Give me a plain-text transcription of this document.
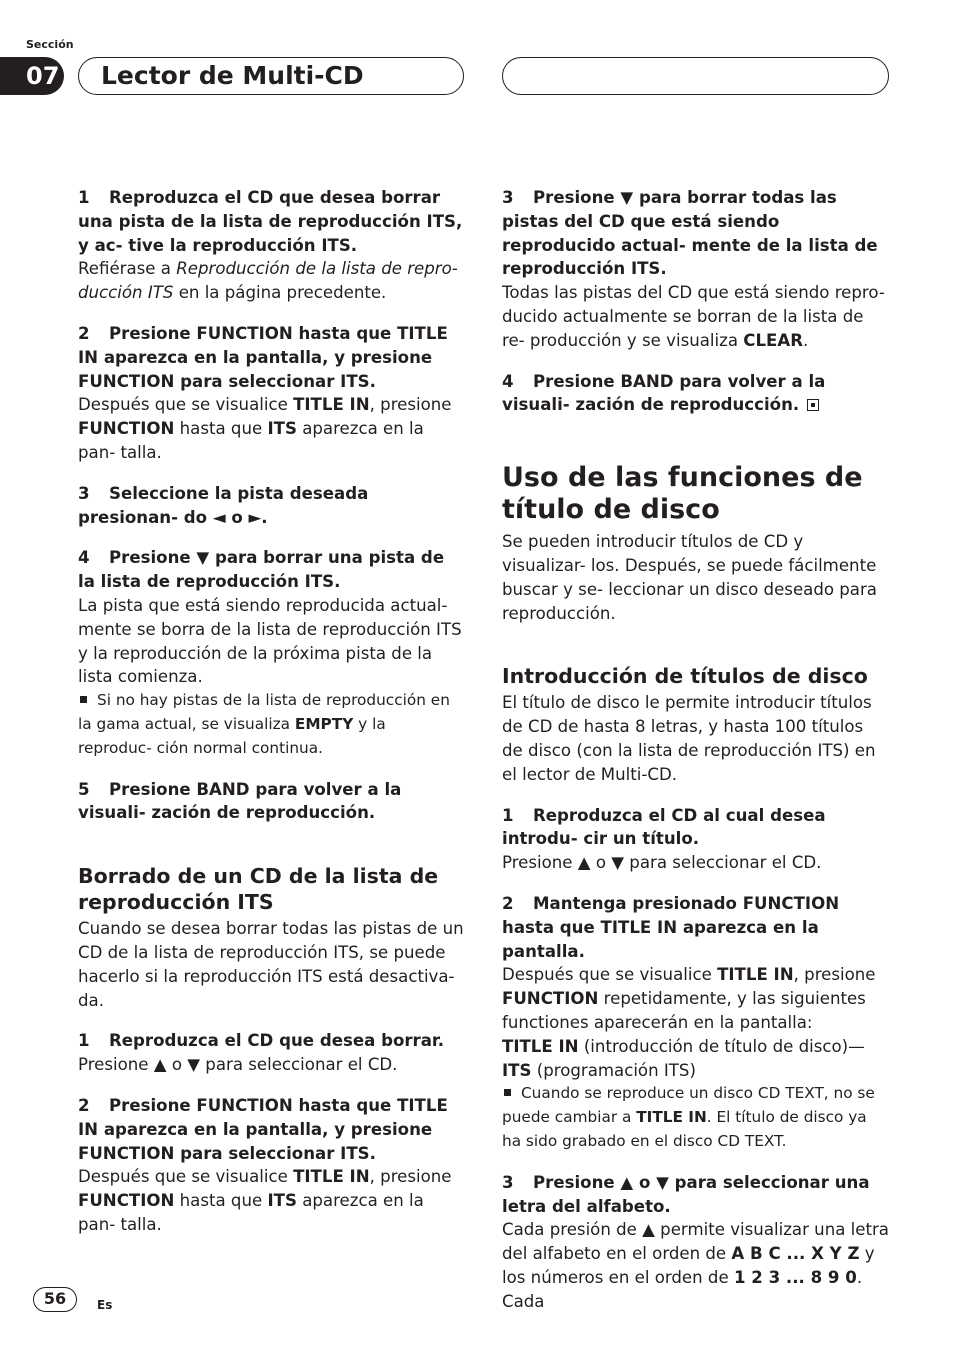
Sección
07 Lector de Multi-CD

1 Reproduzca el CD que desea borrar una pista de la lista de reproducción ITS, y ac- tive la reproducción ITS.

Refiérase a Reproducción de la lista de repro- ducción ITS en la página precedente.

2 Presione FUNCTION hasta que TITLE IN aparezca en la pantalla, y presione FUNCTION para seleccionar ITS.

Después que se visualice TITLE IN, presione FUNCTION hasta que ITS aparezca en la pan- talla.

3 Seleccione la pista deseada presionan- do ◄ o ►.

4 Presione ▼ para borrar una pista de la lista de reproducción ITS.

La pista que está siendo reproducida actual- mente se borra de la lista de reproducción ITS y la reproducción de la próxima pista de la lista comienza.

Si no hay pistas de la lista de reproducción en la gama actual, se visualiza EMPTY y la reproduc- ción normal continua.

5 Presione BAND para volver a la visuali- zación de reproducción.

Borrado de un CD de la lista de reproducción ITS

Cuando se desea borrar todas las pistas de un CD de la lista de reproducción ITS, se puede hacerlo si la reproducción ITS está desactiva- da.

1 Reproduzca el CD que desea borrar.

Presione ▲ o ▼ para seleccionar el CD.

2 Presione FUNCTION hasta que TITLE IN aparezca en la pantalla, y presione FUNCTION para seleccionar ITS.

Después que se visualice TITLE IN, presione FUNCTION hasta que ITS aparezca en la pan- talla.

3 Presione ▼ para borrar todas las pistas del CD que está siendo reproducido actual- mente de la lista de reproducción ITS.

Todas las pistas del CD que está siendo repro- ducido actualmente se borran de la lista de re- producción y se visualiza CLEAR.

4 Presione BAND para volver a la visuali- zación de reproducción.

Uso de las funciones de título de disco

Se pueden introducir títulos de CD y visualizar- los. Después, se puede fácilmente buscar y se- leccionar un disco deseado para reproducción.

Introducción de títulos de disco

El título de disco le permite introducir títulos de CD de hasta 8 letras, y hasta 100 títulos de disco (con la lista de reproducción ITS) en el lector de Multi-CD.

1 Reproduzca el CD al cual desea introdu- cir un título.

Presione ▲ o ▼ para seleccionar el CD.

2 Mantenga presionado FUNCTION hasta que TITLE IN aparezca en la pantalla.

Después que se visualice TITLE IN, presione FUNCTION repetidamente, y las siguientes functiones aparecerán en la pantalla:
TITLE IN (introducción de título de disco)—ITS (programación ITS)

Cuando se reproduce un disco CD TEXT, no se puede cambiar a TITLE IN. El título de disco ya ha sido grabado en el disco CD TEXT.

3 Presione ▲ o ▼ para seleccionar una letra del alfabeto.

Cada presión de ▲ permite visualizar una letra del alfabeto en el orden de A B C ... X Y Z y los números en el orden de 1 2 3 ... 8 9 0. Cada

56	Es
